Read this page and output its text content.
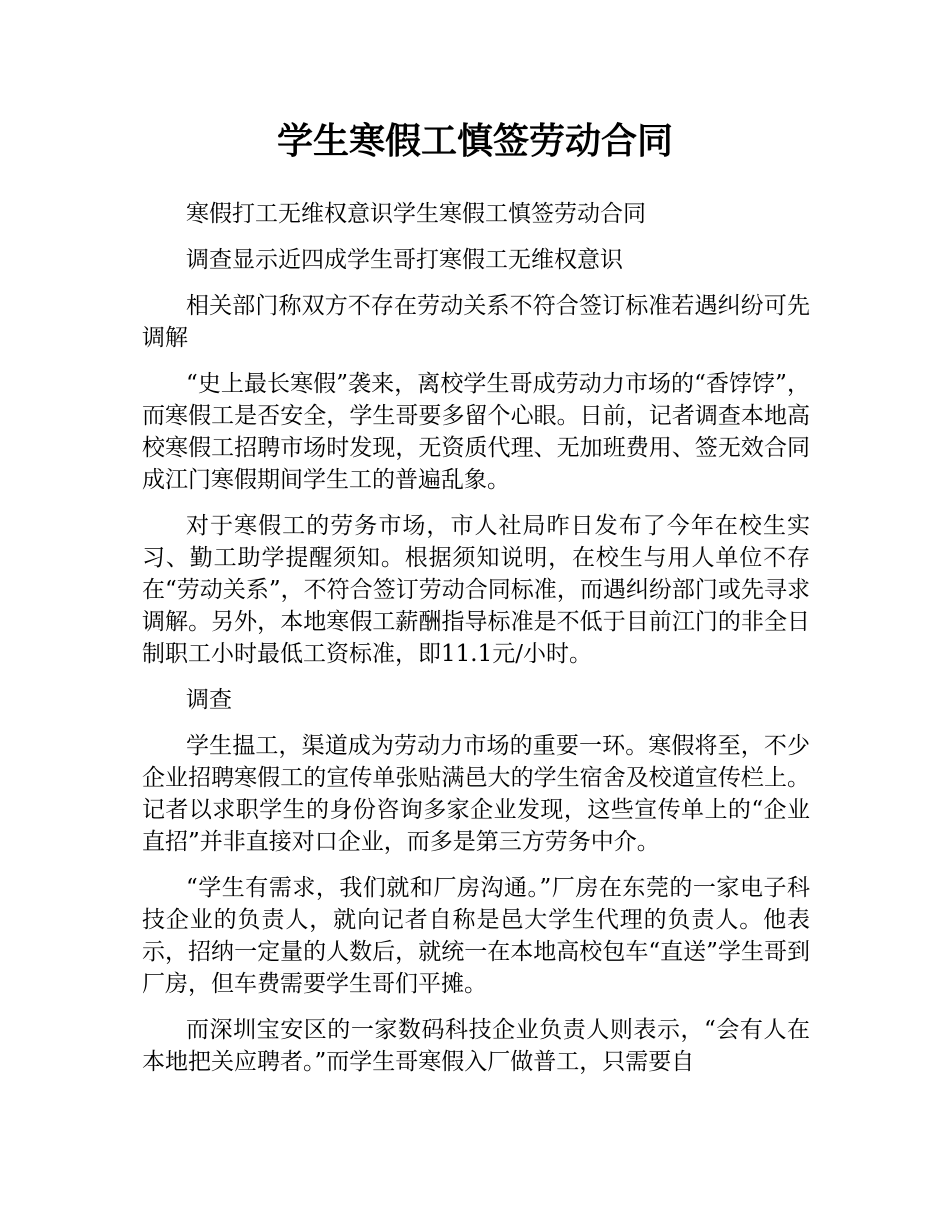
学生寒假工慎签劳动合同

寒假打工无维权意识学生寒假工慎签劳动合同

调查显示近四成学生哥打寒假工无维权意识

相关部门称双方不存在劳动关系不符合签订标准若遇纠纷可先调解

“史上最长寒假”袭来，离校学生哥成劳动力市场的“香饽饽”，而寒假工是否安全，学生哥要多留个心眼。日前，记者调查本地高校寒假工招聘市场时发现，无资质代理、无加班费用、签无效合同成江门寒假期间学生工的普遍乱象。

对于寒假工的劳务市场，市人社局昨日发布了今年在校生实习、勤工助学提醒须知。根据须知说明，在校生与用人单位不存在“劳动关系”，不符合签订劳动合同标准，而遇纠纷部门或先寻求调解。另外，本地寒假工薪酬指导标准是不低于目前江门的非全日制职工小时最低工资标准，即11.1元/小时。

调查

学生揾工，渠道成为劳动力市场的重要一环。寒假将至，不少企业招聘寒假工的宣传单张贴满邑大的学生宿舍及校道宣传栏上。记者以求职学生的身份咨询多家企业发现，这些宣传单上的“企业直招”并非直接对口企业，而多是第三方劳务中介。

“学生有需求，我们就和厂房沟通。”厂房在东莞的一家电子科技企业的负责人，就向记者自称是邑大学生代理的负责人。他表示，招纳一定量的人数后，就统一在本地高校包车“直送”学生哥到厂房，但车费需要学生哥们平摊。

而深圳宝安区的一家数码科技企业负责人则表示，“会有人在本地把关应聘者。”而学生哥寒假入厂做普工，只需要自
